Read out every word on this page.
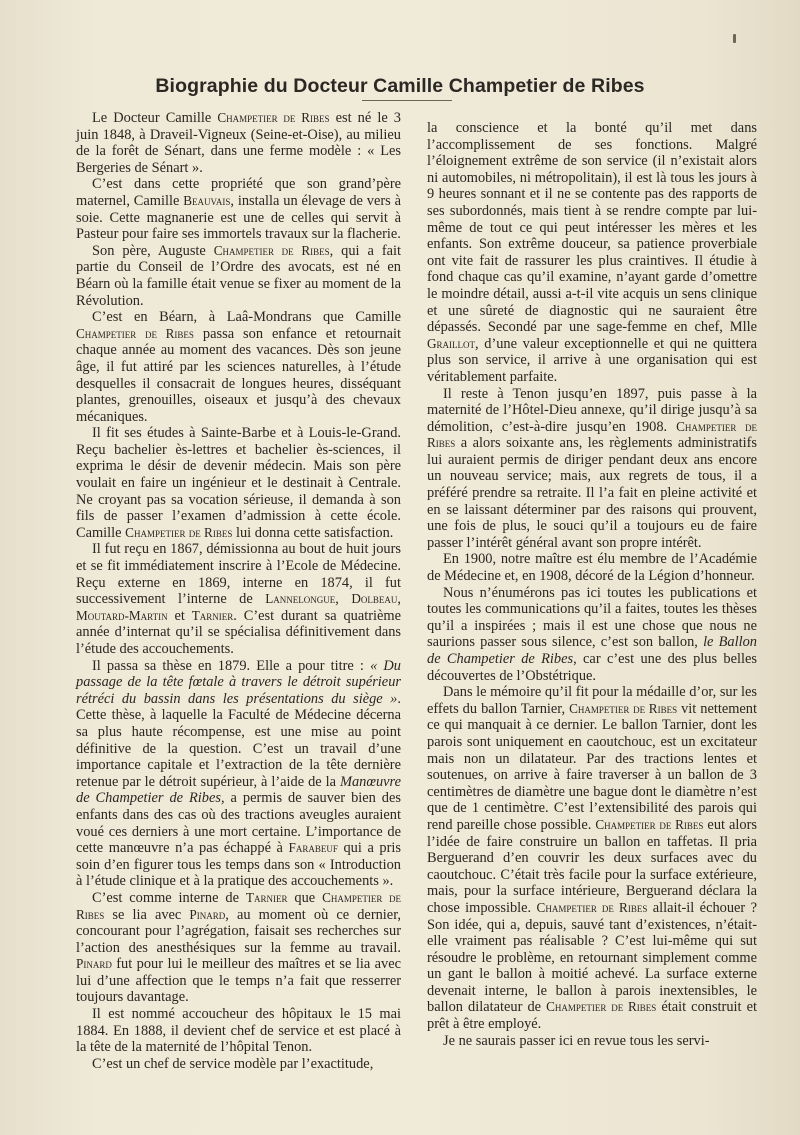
Biographie du Docteur Camille Champetier de Ribes

Le Docteur Camille Champetier de Ribes est né le 3 juin 1848, à Draveil-Vigneux (Seine-et-Oise), au milieu de la forêt de Sénart, dans une ferme modèle : « Les Bergeries de Sénart ».

C’est dans cette propriété que son grand’père maternel, Camille Beauvais, installa un élevage de vers à soie. Cette magnanerie est une de celles qui servit à Pasteur pour faire ses immortels travaux sur la flacherie.

Son père, Auguste Champetier de Ribes, qui a fait partie du Conseil de l’Ordre des avocats, est né en Béarn où la famille était venue se fixer au moment de la Révolution.

C’est en Béarn, à Laâ-Mondrans que Camille Champetier de Ribes passa son enfance et retournait chaque année au moment des vacances. Dès son jeune âge, il fut attiré par les sciences naturelles, à l’étude desquelles il consacrait de longues heures, disséquant plantes, grenouilles, oiseaux et jusqu’à des chevaux mécaniques.

Il fit ses études à Sainte-Barbe et à Louis-le-Grand. Reçu bachelier ès-lettres et bachelier ès-sciences, il exprima le désir de devenir médecin. Mais son père voulait en faire un ingénieur et le destinait à Centrale. Ne croyant pas sa vocation sérieuse, il demanda à son fils de passer l’examen d’admission à cette école. Camille Champetier de Ribes lui donna cette satisfaction.

Il fut reçu en 1867, démissionna au bout de huit jours et se fit immédiatement inscrire à l’Ecole de Médecine. Reçu externe en 1869, interne en 1874, il fut successivement l’interne de Lannelongue, Dolbeau, Moutard-Martin et Tarnier. C’est durant sa quatrième année d’internat qu’il se spécialisa définitivement dans l’étude des accouchements.

Il passa sa thèse en 1879. Elle a pour titre : « Du passage de la tête fœtale à travers le détroit supérieur rétréci du bassin dans les présentations du siège ». Cette thèse, à laquelle la Faculté de Médecine décerna sa plus haute récompense, est une mise au point définitive de la question. C’est un travail d’une importance capitale et l’extraction de la tête dernière retenue par le détroit supérieur, à l’aide de la Manœuvre de Champetier de Ribes, a permis de sauver bien des enfants dans des cas où des tractions aveugles auraient voué ces derniers à une mort certaine. L’importance de cette manœuvre n’a pas échappé à Farabeuf qui a pris soin d’en figurer tous les temps dans son « Introduction à l’étude clinique et à la pratique des accouchements ».

C’est comme interne de Tarnier que Champetier de Ribes se lia avec Pinard, au moment où ce dernier, concourant pour l’agrégation, faisait ses recherches sur l’action des anesthésiques sur la femme au travail. Pinard fut pour lui le meilleur des maîtres et se lia avec lui d’une affection que le temps n’a fait que resserrer toujours davantage.

Il est nommé accoucheur des hôpitaux le 15 mai 1884. En 1888, il devient chef de service et est placé à la tête de la maternité de l’hôpital Tenon.

C’est un chef de service modèle par l’exactitude,

la conscience et la bonté qu’il met dans l’accomplissement de ses fonctions. Malgré l’éloignement extrême de son service (il n’existait alors ni automobiles, ni métropolitain), il est là tous les jours à 9 heures sonnant et il ne se contente pas des rapports de ses subordonnés, mais tient à se rendre compte par lui-même de tout ce qui peut intéresser les mères et les enfants. Son extrême douceur, sa patience proverbiale ont vite fait de rassurer les plus craintives. Il étudie à fond chaque cas qu’il examine, n’ayant garde d’omettre le moindre détail, aussi a-t-il vite acquis un sens clinique et une sûreté de diagnostic qui ne sauraient être dépassés. Secondé par une sage-femme en chef, Mlle Graillot, d’une valeur exceptionnelle et qui ne quittera plus son service, il arrive à une organisation qui est véritablement parfaite.

Il reste à Tenon jusqu’en 1897, puis passe à la maternité de l’Hôtel-Dieu annexe, qu’il dirige jusqu’à sa démolition, c’est-à-dire jusqu’en 1908. Champetier de Ribes a alors soixante ans, les règlements administratifs lui auraient permis de diriger pendant deux ans encore un nouveau service; mais, aux regrets de tous, il a préféré prendre sa retraite. Il l’a fait en pleine activité et en se laissant déterminer par des raisons qui prouvent, une fois de plus, le souci qu’il a toujours eu de faire passer l’intérêt général avant son propre intérêt.

En 1900, notre maître est élu membre de l’Académie de Médecine et, en 1908, décoré de la Légion d’honneur.

Nous n’énumérons pas ici toutes les publications et toutes les communications qu’il a faites, toutes les thèses qu’il a inspirées ; mais il est une chose que nous ne saurions passer sous silence, c’est son ballon, le Ballon de Champetier de Ribes, car c’est une des plus belles découvertes de l’Obstétrique.

Dans le mémoire qu’il fit pour la médaille d’or, sur les effets du ballon Tarnier, Champetier de Ribes vit nettement ce qui manquait à ce dernier. Le ballon Tarnier, dont les parois sont uniquement en caoutchouc, est un excitateur mais non un dilatateur. Par des tractions lentes et soutenues, on arrive à faire traverser à un ballon de 3 centimètres de diamètre une bague dont le diamètre n’est que de 1 centimètre. C’est l’extensibilité des parois qui rend pareille chose possible. Champetier de Ribes eut alors l’idée de faire construire un ballon en taffetas. Il pria Berguerand d’en couvrir les deux surfaces avec du caoutchouc. C’était très facile pour la surface extérieure, mais, pour la surface intérieure, Berguerand déclara la chose impossible. Champetier de Ribes allait-il échouer ? Son idée, qui a, depuis, sauvé tant d’existences, n’était-elle vraiment pas réalisable ? C’est lui-même qui sut résoudre le problème, en retournant simplement comme un gant le ballon à moitié achevé. La surface externe devenait interne, le ballon à parois inextensibles, le ballon dilatateur de Champetier de Ribes était construit et prêt à être employé.

Je ne saurais passer ici en revue tous les servi-
